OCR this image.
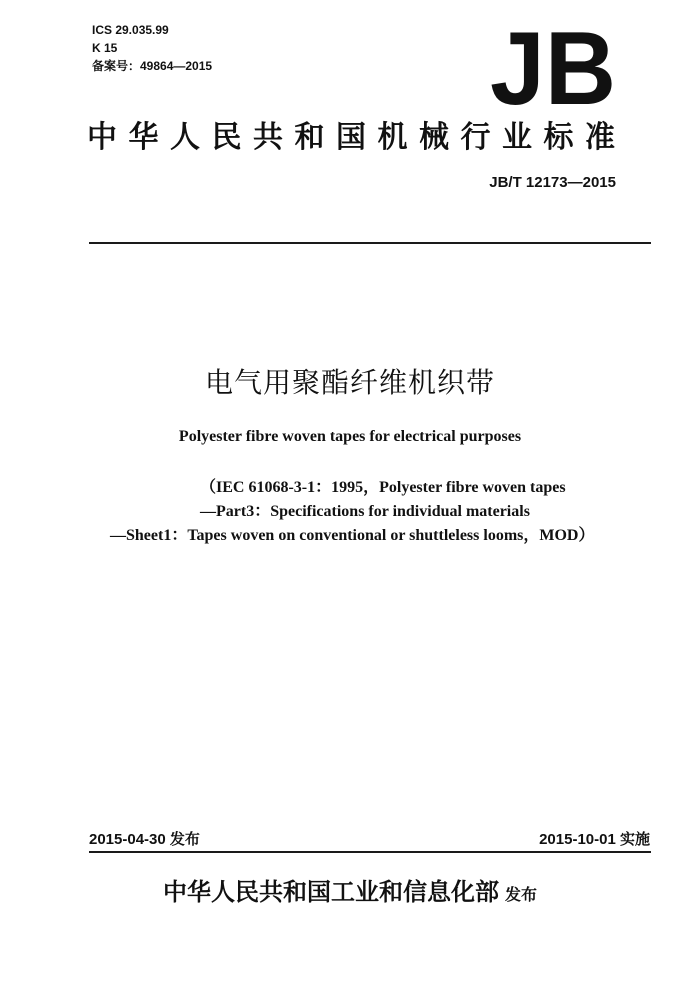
ICS 29.035.99
K 15
备案号：49864—2015	JB
中华人民共和国机械行业标准
JB/T 12173—2015
电气用聚酯纤维机织带
Polyester fibre woven tapes for electrical purposes
（IEC 61068-3-1：1995，Polyester fibre woven tapes
—Part3：Specifications for individual materials
—Sheet1：Tapes woven on conventional or shuttleless looms，MOD）
2015-04-30 发布	2015-10-01 实施
中华人民共和国工业和信息化部 发布
